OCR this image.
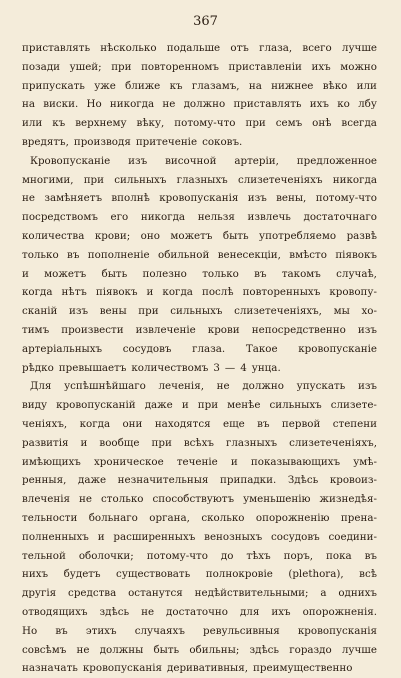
367
приставлять нѣсколько подальше отъ глаза, всего лучше
позади ушей; при повторенномъ приставленіи ихъ можно
припускать уже ближе къ глазамъ, на нижнее вѣко или
на виски. Но никогда не должно приставлять ихъ ко лбу
или къ верхнему вѣку, потому-что при семъ онѣ всегда
вредятъ, производя притеченіе соковъ.
Кровопусканіе изъ височной артеріи, предложенное
многими, при сильныхъ глазныхъ слизетеченіяхъ никогда
не замѣняетъ вполнѣ кровопусканія изъ вены, потому-что
посредствомъ его никогда нельзя извлечь достаточнаго
количества крови; оно можетъ быть употребляемо развѣ
только въ пополненіе обильной венесекціи, вмѣсто піявокъ
и можетъ быть полезно только въ такомъ случаѣ,
когда нѣтъ піявокъ и когда послѣ повторенныхъ кровопу-
сканій изъ вены при сильныхъ слизетеченіяхъ, мы хо-
тимъ произвести извлеченіе крови непосредственно изъ
артеріальныхъ сосудовъ глаза. Такое кровопусканіе
рѣдко превышаетъ количествомъ 3 — 4 унца.
Для успѣшнѣйшаго леченія, не должно упускать изъ
виду кровопусканій даже и при менѣе сильныхъ слизете-
ченіяхъ, когда они находятся еще въ первой степени
развитія и вообще при всѣхъ глазныхъ слизетеченіяхъ,
имѣющихъ хроническое теченіе и показывающихъ умѣ-
ренныя, даже незначительныя припадки. Здѣсь кровоиз-
влеченія не столько способствуютъ уменьшенію жизнедѣя-
тельности больнаго органа, сколько опорожненію прена-
полненныхъ и расширенныхъ венозныхъ сосудовъ соедини-
тельной оболочки; потому-что до тѣхъ поръ, пока въ
нихъ будетъ существовать полнокровіе (plethora), всѣ
другія средства останутся недѣйствительными; а однихъ
отводящихъ здѣсь не достаточно для ихъ опорожненія.
Но въ этихъ случаяхъ ревульсивныя кровопусканія
совсѣмъ не должны быть обильны; здѣсь гораздо лучше
назначать кровопусканія деривативныя, преимущественно
